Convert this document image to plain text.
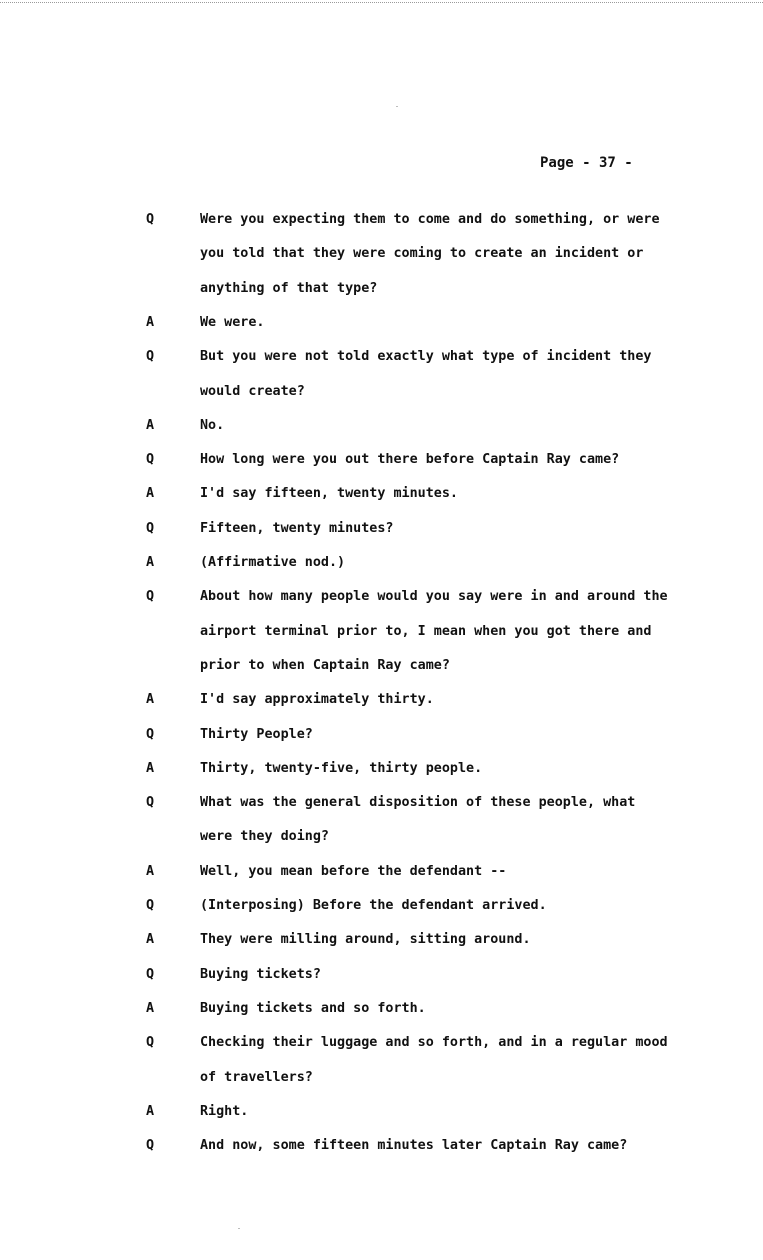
Page - 37 -
Q	Were you expecting them to come and do something, or were
you told that they were coming to create an incident or
anything of that type?
A	We were.
Q	But you were not told exactly what type of incident they
would create?
A	No.
Q	How long were you out there before Captain Ray came?
A	I'd say fifteen, twenty minutes.
Q	Fifteen, twenty minutes?
A	(Affirmative nod.)
Q	About how many people would you say were in and around the
airport terminal prior to, I mean when you got there and
prior to when Captain Ray came?
A	I'd say approximately thirty.
Q	Thirty People?
A	Thirty, twenty-five, thirty people.
Q	What was the general disposition of these people, what
were they doing?
A	Well, you mean before the defendant --
Q	(Interposing) Before the defendant arrived.
A	They were milling around, sitting around.
Q	Buying tickets?
A	Buying tickets and so forth.
Q	Checking their luggage and so forth, and in a regular mood
of travellers?
A	Right.
Q	And now, some fifteen minutes later Captain Ray came?
